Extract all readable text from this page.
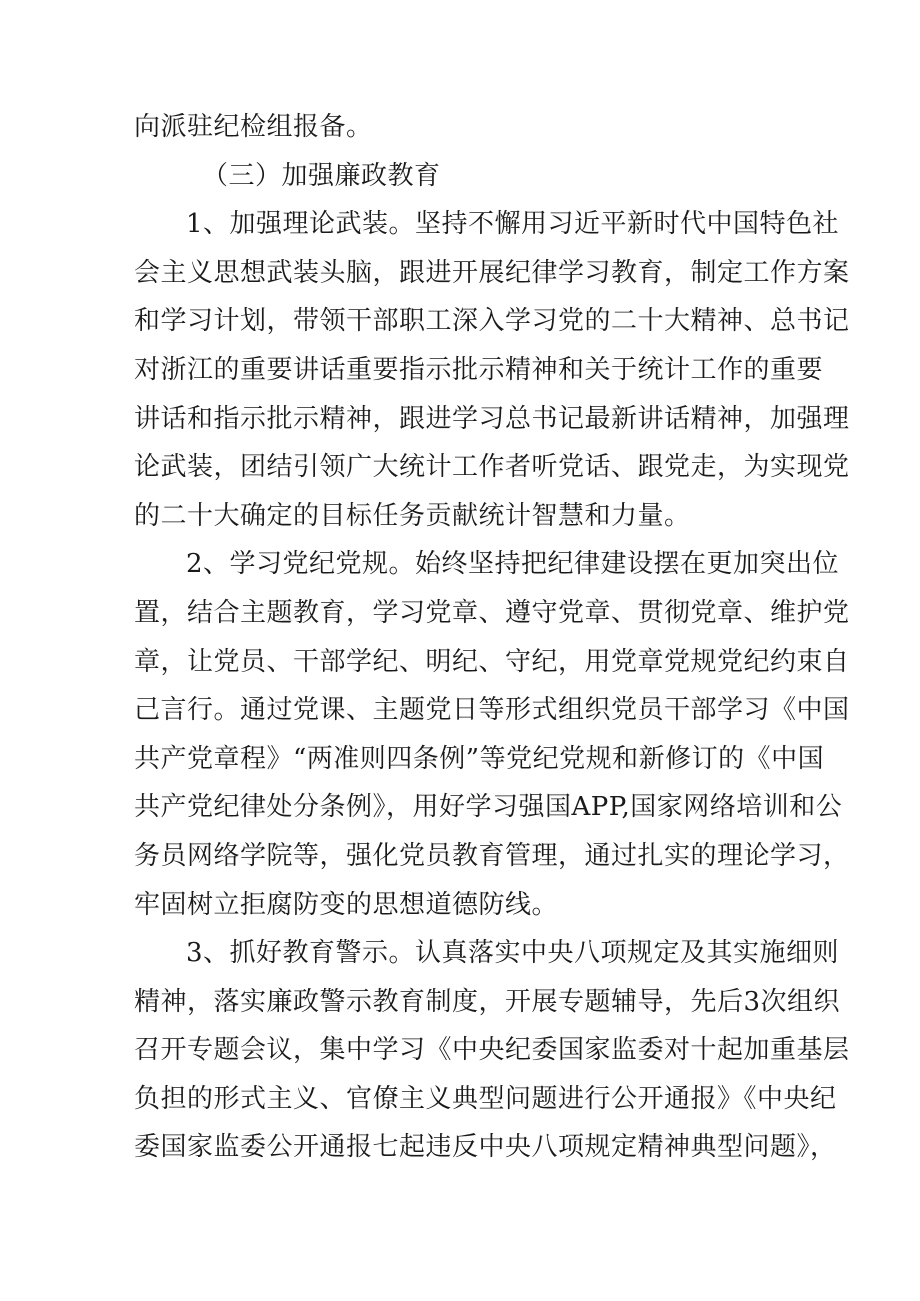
向派驻纪检组报备。
（三）加强廉政教育
1、加强理论武装。坚持不懈用习近平新时代中国特色社
会主义思想武装头脑，跟进开展纪律学习教育，制定工作方案
和学习计划，带领干部职工深入学习党的二十大精神、总书记
对浙江的重要讲话重要指示批示精神和关于统计工作的重要
讲话和指示批示精神，跟进学习总书记最新讲话精神，加强理
论武装，团结引领广大统计工作者听党话、跟党走，为实现党
的二十大确定的目标任务贡献统计智慧和力量。
2、学习党纪党规。始终坚持把纪律建设摆在更加突出位
置，结合主题教育，学习党章、遵守党章、贯彻党章、维护党
章，让党员、干部学纪、明纪、守纪，用党章党规党纪约束自
己言行。通过党课、主题党日等形式组织党员干部学习《中国
共产党章程》“两准则四条例”等党纪党规和新修订的《中国
共产党纪律处分条例》，用好学习强国APP,国家网络培训和公
务员网络学院等，强化党员教育管理，通过扎实的理论学习，
牢固树立拒腐防变的思想道德防线。
3、抓好教育警示。认真落实中央八项规定及其实施细则
精神，落实廉政警示教育制度，开展专题辅导，先后3次组织
召开专题会议，集中学习《中央纪委国家监委对十起加重基层
负担的形式主义、官僚主义典型问题进行公开通报》《中央纪
委国家监委公开通报七起违反中央八项规定精神典型问题》，
